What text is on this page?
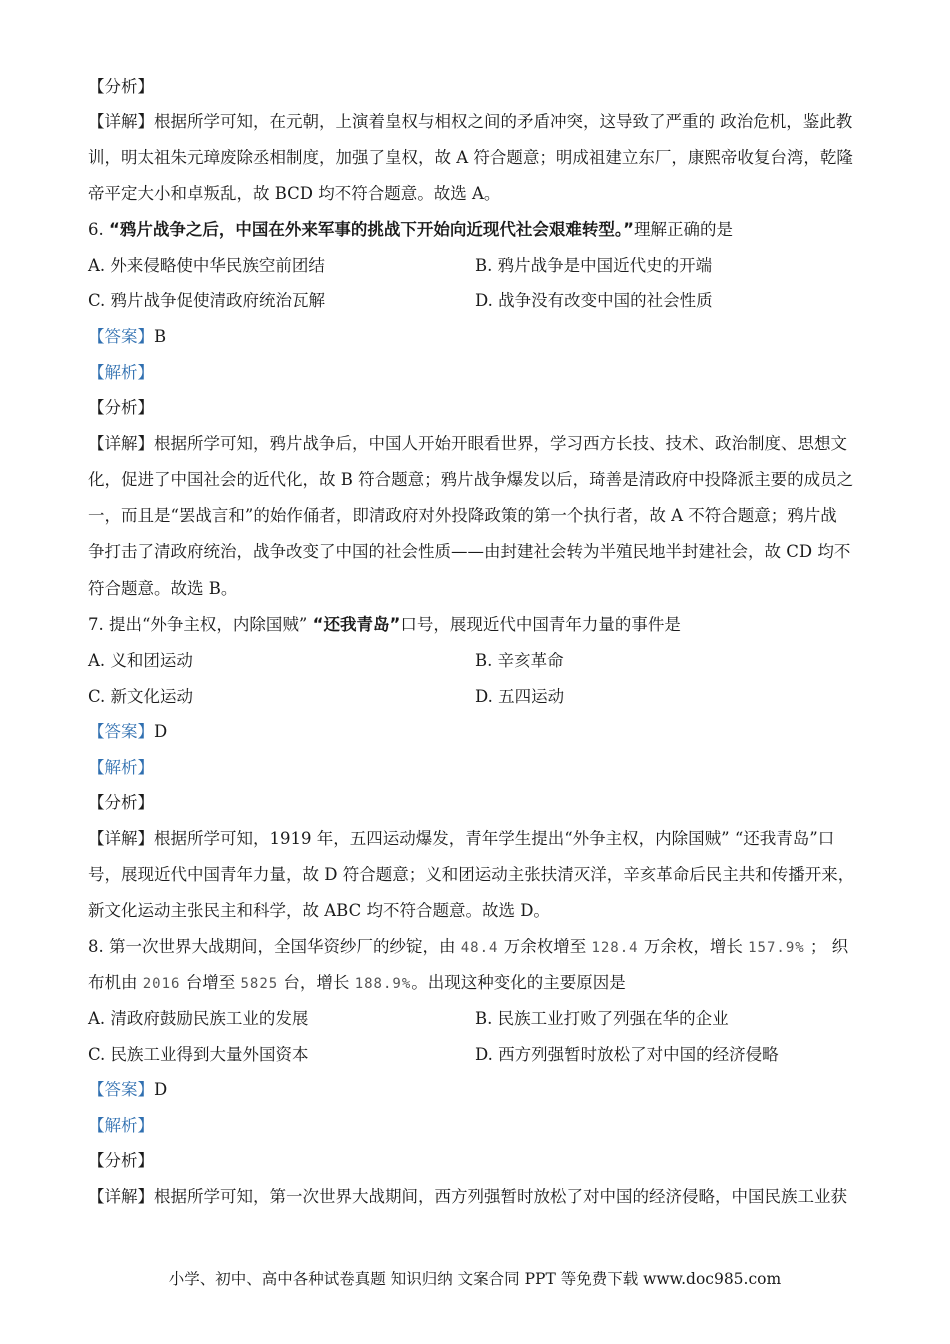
【分析】
【详解】根据所学可知，在元朝，上演着皇权与相权之间的矛盾冲突，这导致了严重的 政治危机，鉴此教
训，明太祖朱元璋废除丞相制度，加强了皇权，故 A 符合题意；明成祖建立东厂，康熙帝收复台湾，乾隆
帝平定大小和卓叛乱，故 BCD 均不符合题意。故选 A。
6. “鸦片战争之后，中国在外来军事的挑战下开始向近现代社会艰难转型。”理解正确的是
A. 外来侵略使中华民族空前团结	B. 鸦片战争是中国近代史的开端
C. 鸦片战争促使清政府统治瓦解	D. 战争没有改变中国的社会性质
【答案】B
【解析】
【分析】
【详解】根据所学可知，鸦片战争后，中国人开始开眼看世界，学习西方长技、技术、政治制度、思想文
化，促进了中国社会的近代化，故 B 符合题意；鸦片战争爆发以后，琦善是清政府中投降派主要的成员之
一，而且是“罢战言和”的始作俑者，即清政府对外投降政策的第一个执行者，故 A 不符合题意；鸦片战
争打击了清政府统治，战争改变了中国的社会性质——由封建社会转为半殖民地半封建社会，故 CD 均不
符合题意。故选 B。
7. 提出“外争主权，内除国贼” “还我青岛”口号，展现近代中国青年力量的事件是
A. 义和团运动	B. 辛亥革命
C. 新文化运动	D. 五四运动
【答案】D
【解析】
【分析】
【详解】根据所学可知，1919 年，五四运动爆发，青年学生提出“外争主权，内除国贼” “还我青岛”口
号，展现近代中国青年力量，故 D 符合题意；义和团运动主张扶清灭洋，辛亥革命后民主共和传播开来，
新文化运动主张民主和科学，故 ABC 均不符合题意。故选 D。
8. 第一次世界大战期间，全国华资纱厂的纱锭，由 48.4 万余枚增至 128.4 万余枚，增长 157.9% ； 织
布机由 2016 台增至 5825 台，增长 188.9%。出现这种变化的主要原因是
A. 清政府鼓励民族工业的发展	B. 民族工业打败了列强在华的企业
C. 民族工业得到大量外国资本	D. 西方列强暂时放松了对中国的经济侵略
【答案】D
【解析】
【分析】
【详解】根据所学可知，第一次世界大战期间，西方列强暂时放松了对中国的经济侵略，中国民族工业获
小学、初中、高中各种试卷真题 知识归纳 文案合同 PPT 等免费下载 www.doc985.com
